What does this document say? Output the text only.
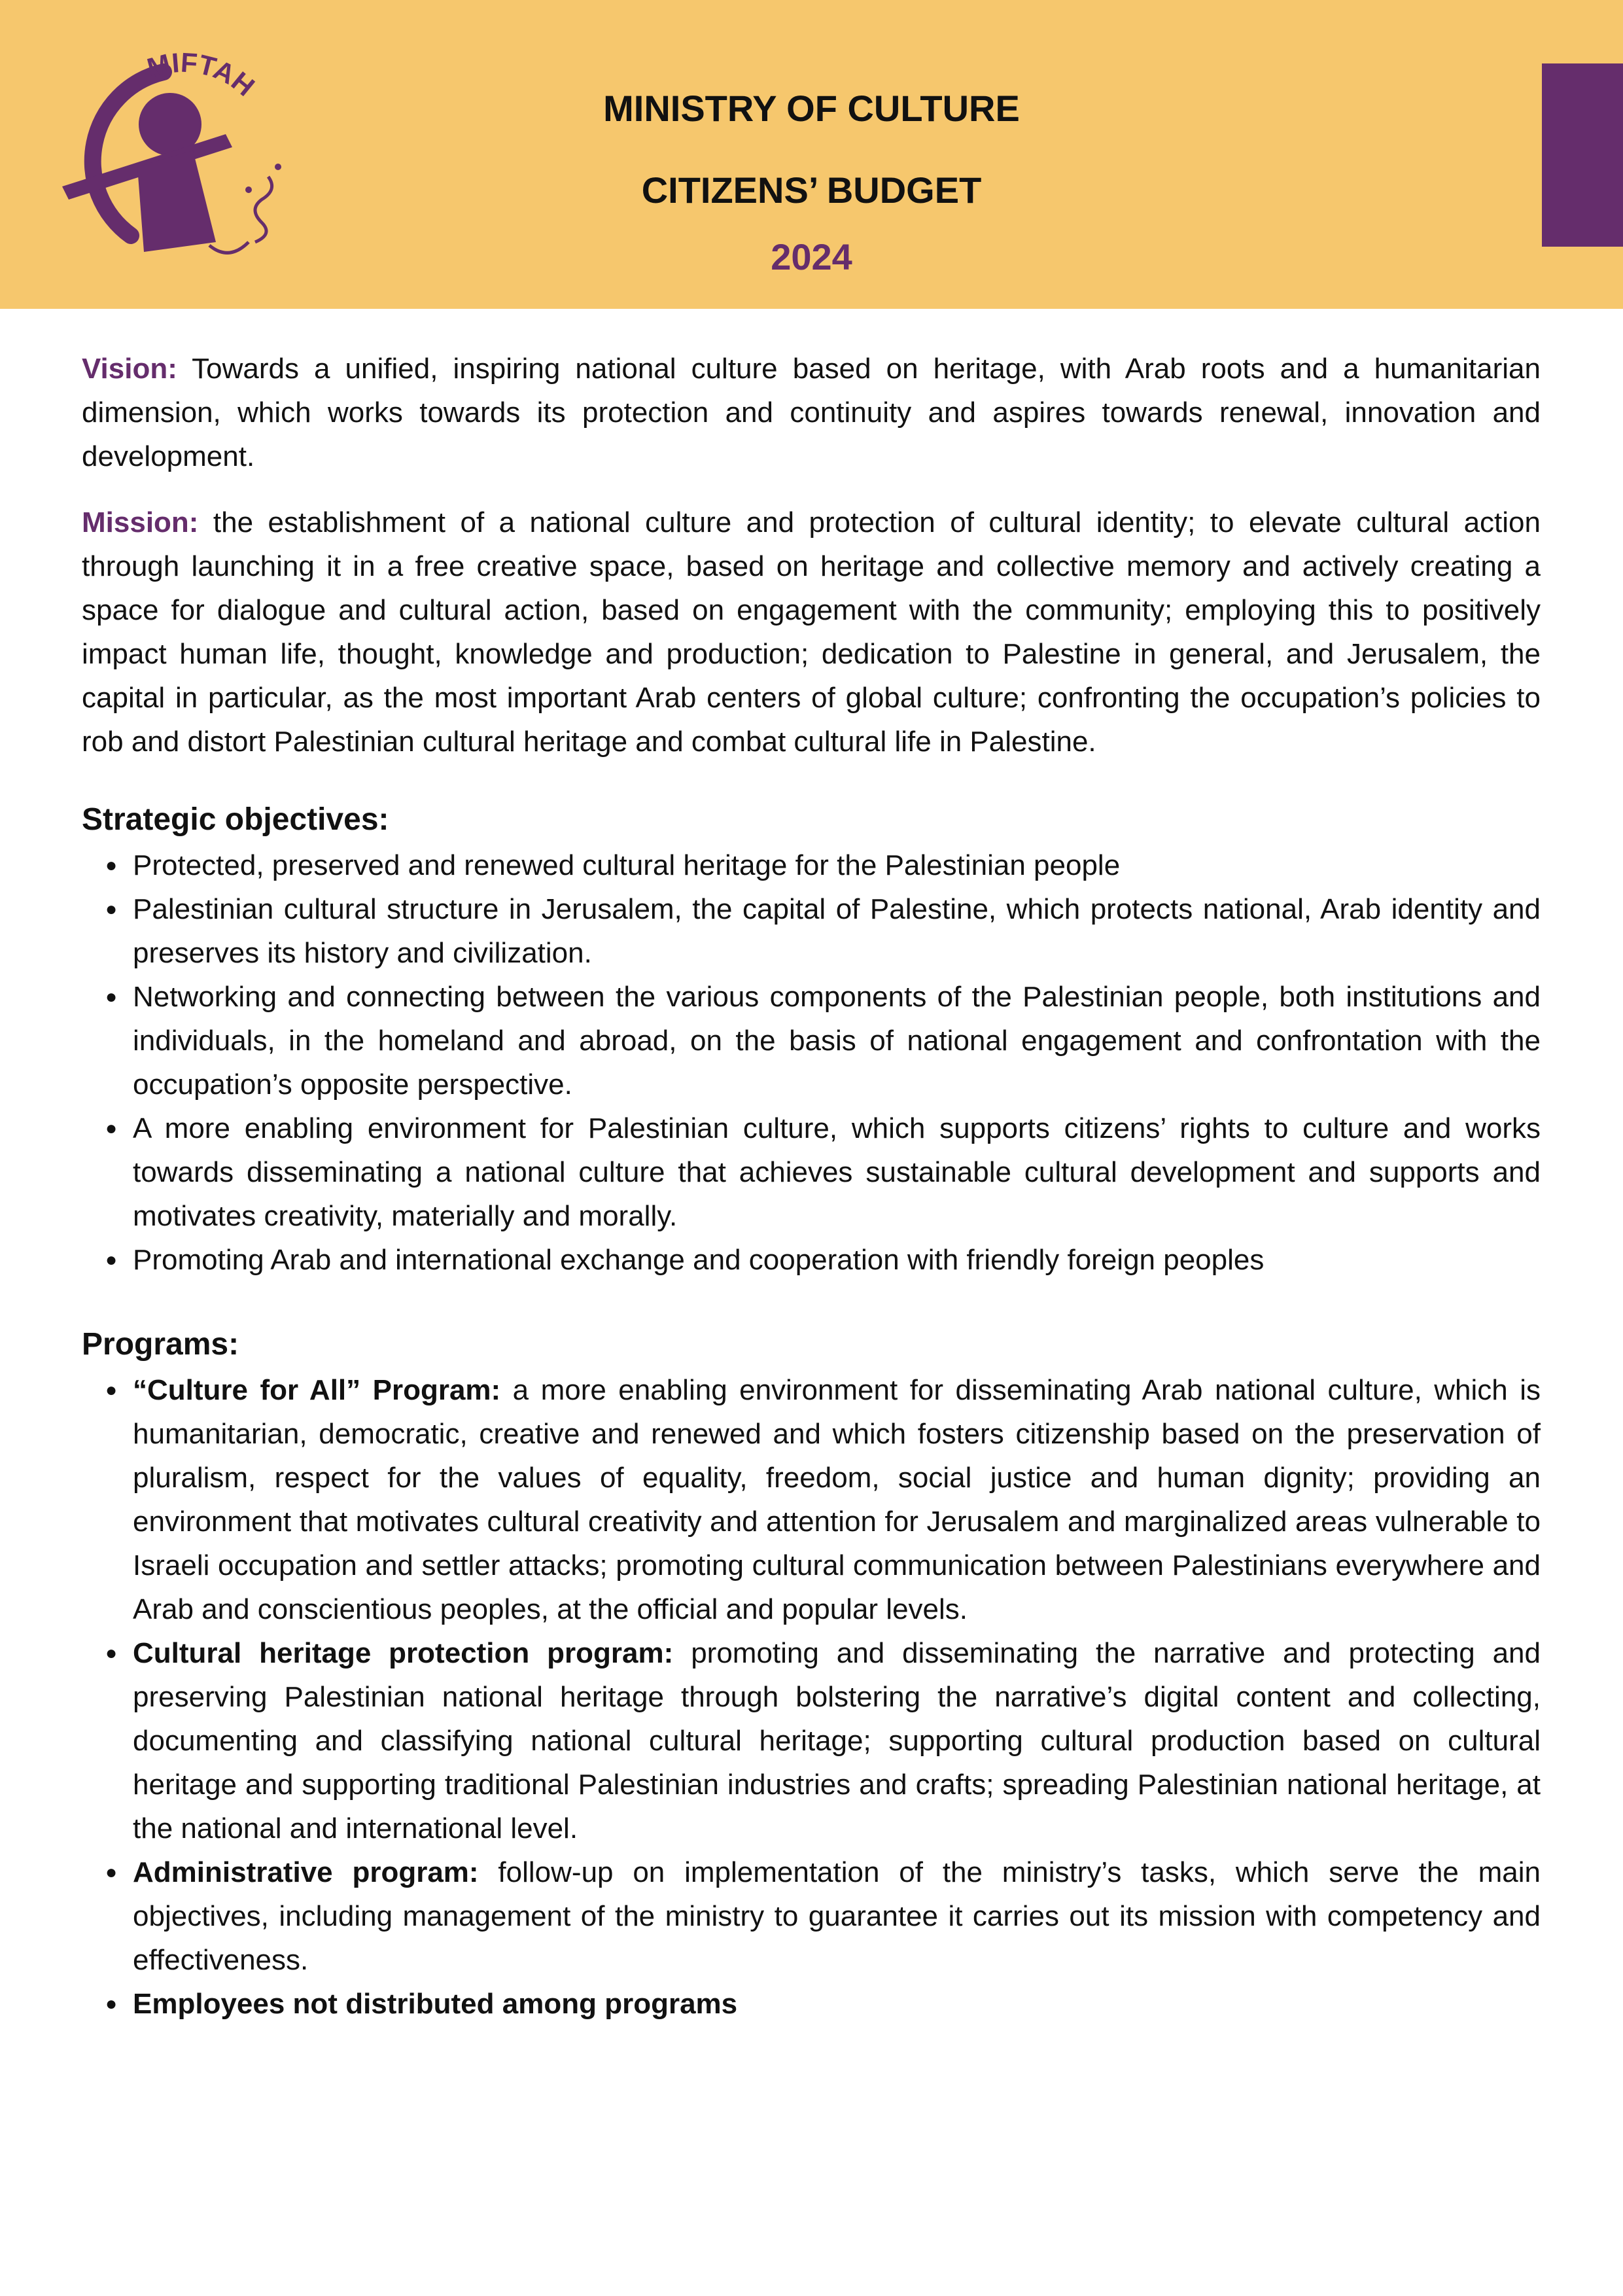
MIFTAH
MINISTRY OF CULTURE
CITIZENS’ BUDGET
2024

Vision: Towards a unified, inspiring national culture based on heritage, with Arab roots and a humanitarian dimension, which works towards its protection and continuity and aspires towards renewal, innovation and development.

Mission: the establishment of a national culture and protection of cultural identity; to elevate cultural action through launching it in a free creative space, based on heritage and collective memory and actively creating a space for dialogue and cultural action, based on engagement with the community; employing this to positively impact human life, thought, knowledge and production; dedication to Palestine in general, and Jerusalem, the capital in particular, as the most important Arab centers of global culture; confronting the occupation’s policies to rob and distort Palestinian cultural heritage and combat cultural life in Palestine.

Strategic objectives:
● Protected, preserved and renewed cultural heritage for the Palestinian people
● Palestinian cultural structure in Jerusalem, the capital of Palestine, which protects national, Arab identity and preserves its history and civilization.
● Networking and connecting between the various components of the Palestinian people, both institutions and individuals, in the homeland and abroad, on the basis of national engagement and confrontation with the occupation’s opposite perspective.
● A more enabling environment for Palestinian culture, which supports citizens’ rights to culture and works towards disseminating a national culture that achieves sustainable cultural development and supports and motivates creativity, materially and morally.
● Promoting Arab and international exchange and cooperation with friendly foreign peoples
Programs:
● “Culture for All” Program: a more enabling environment for disseminating Arab national culture, which is humanitarian, democratic, creative and renewed and which fosters citizenship based on the preservation of pluralism, respect for the values of equality, freedom, social justice and human dignity; providing an environment that motivates cultural creativity and attention for Jerusalem and marginalized areas vulnerable to Israeli occupation and settler attacks; promoting cultural communication between Palestinians everywhere and Arab and conscientious peoples, at the official and popular levels.
● Cultural heritage protection program: promoting and disseminating the narrative and protecting and preserving Palestinian national heritage through bolstering the narrative’s digital content and collecting, documenting and classifying national cultural heritage; supporting cultural production based on cultural heritage and supporting traditional Palestinian industries and crafts; spreading Palestinian national heritage, at the national and international level.
● Administrative program: follow-up on implementation of the ministry’s tasks, which serve the main objectives, including management of the ministry to guarantee it carries out its mission with competency and effectiveness.
● Employees not distributed among programs
